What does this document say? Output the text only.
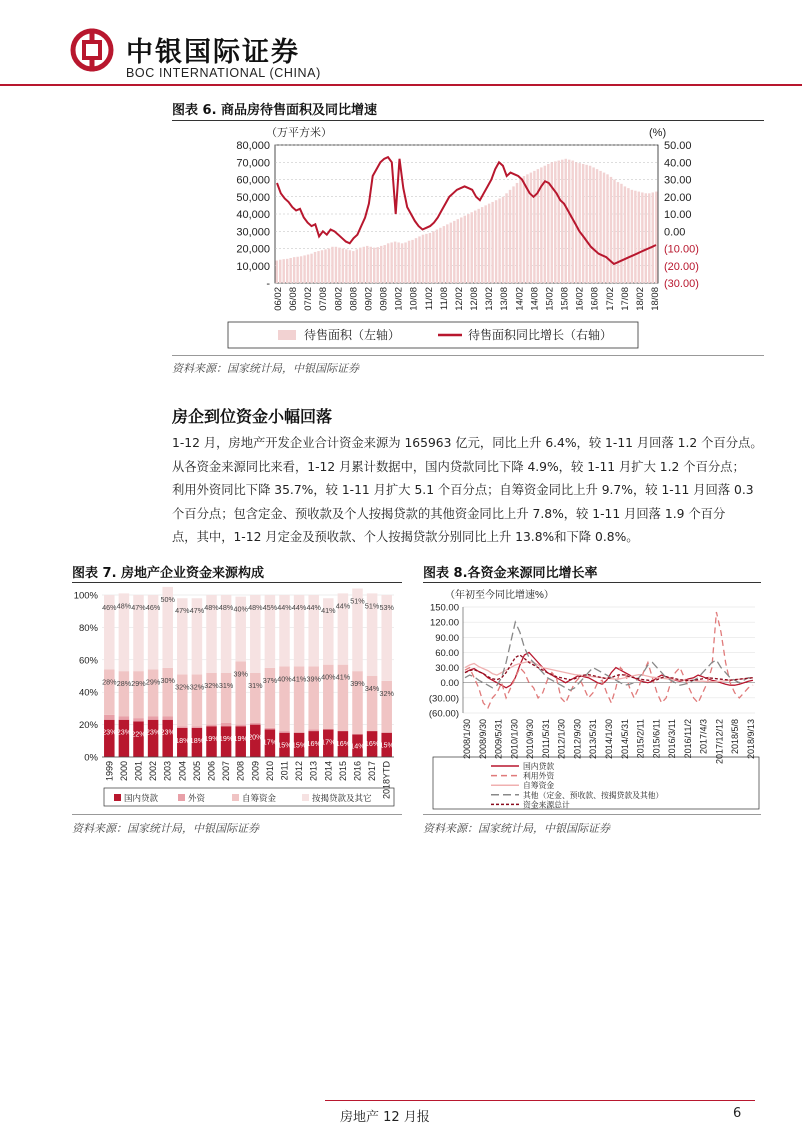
中银国际证券
BOC INTERNATIONAL (CHINA)
图表 6. 商品房待售面积及同比增速
（万平方米）	(%)
80,000
70,000
60,000
50,000
40,000
30,000
20,000
10,000
-
50.00
40.00
30.00
20.00
10.00
0.00
(10.00)
(20.00)
(30.00)
06/02 06/08 07/02 07/08 08/02 08/08 09/02 09/08 10/02 10/08 11/02 11/08 12/02 12/08 13/02 13/08 14/02 14/08 15/02 15/08 16/02 16/08 17/02 17/08 18/02 18/08
待售面积（左轴）	待售面积同比增长（右轴）
资料来源：国家统计局，中银国际证券
房企到位资金小幅回落

1-12 月，房地产开发企业合计资金来源为 165963 亿元，同比上升 6.4%，较 1-11 月回落 1.2 个百分点。

从各资金来源同比来看，1-12 月累计数据中，国内贷款同比下降 4.9%，较 1-11 月扩大 1.2 个百分点；

利用外资同比下降 35.7%，较 1-11 月扩大 5.1 个百分点；自筹资金同比上升 9.7%，较 1-11 月回落 0.3

个百分点；包含定金、预收款及个人按揭贷款的其他资金同比上升 7.8%，较 1-11 月回落 1.9 个百分

点，其中，1-12 月定金及预收款、个人按揭贷款分别同比上升 13.8%和下降 0.8%。

图表 7. 房地产企业资金来源构成
23%
28%
46%
23%
28%
48%
22%
29%
47%
23%
29%
46%
23%
30%
50%
18%
32%
47%
18%
32%
47%
19%
32%
48%
19%
31%
48%
19%
39%
40%
20%
31%
48%
17%
37%
45%
15%
40%
44%
15%
41%
44%
16%
39%
44%
17%
40%
41%
16%
41%
44%
14%
39%
51%
16%
34%
51%
15%
32%
53%
100%
80%
60%
40%
20%
0%
1999 2000 2001 2002 2003 2004 2005 2006 2007 2008 2009 2010 2011 2012 2013 2014 2015 2016 2017 2018YTD
国内贷款	外资	自筹资金	按揭贷款及其它
资料来源：国家统计局，中银国际证券
图表 8.各资金来源同比增长率
（年初至今同比增速%）
150.00
120.00
90.00
60.00
30.00
0.00
(30.00)
(60.00)
2008/1/30 2008/9/30 2009/5/31 2010/1/30 2010/9/30 2011/5/31 2012/1/30 2012/9/30 2013/5/31 2014/1/30 2014/5/31 2015/2/11 2015/6/11 2016/3/11 2016/11/2 2017/4/3 2017/12/12 2018/5/8 2018/9/13
国内贷款
利用外资
自筹资金
其他（定金、预收款、按揭贷款及其他）
资金来源总计
资料来源：国家统计局，中银国际证券
房地产 12 月报	6
